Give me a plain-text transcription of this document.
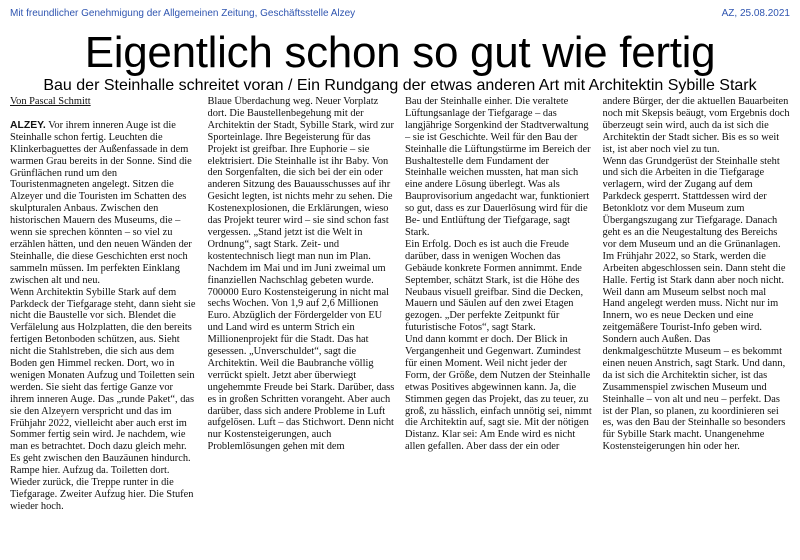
Mit freundlicher Genehmigung der Allgemeinen Zeitung, Geschäftsstelle Alzey	AZ, 25.08.2021
Eigentlich schon so gut wie fertig
Bau der Steinhalle schreitet voran / Ein Rundgang der etwas anderen Art mit Architektin Sybille Stark

Von Pascal Schmitt

ALZEY. Vor ihrem inneren Auge ist die Steinhalle schon fertig. Leuchten die Klinkerbaguettes der Außenfassade in dem warmen Grau bereits in der Sonne. Sind die Grünflächen rund um den Touristenmagneten angelegt. Sitzen die Alzeyer und die Touristen im Schatten des skulpturalen Anbaus. Zwischen den historischen Mauern des Museums, die – wenn sie sprechen könnten – so viel zu erzählen hätten, und den neuen Wänden der Steinhalle, die diese Geschichten erst noch sammeln müssen. Im perfekten Einklang zwischen alt und neu.

Wenn Architektin Sybille Stark auf dem Parkdeck der Tiefgarage steht, dann sieht sie nicht die Baustelle vor sich. Blendet die Verfälelung aus Holzplatten, die den bereits fertigen Betonboden schützen, aus. Sieht nicht die Stahlstreben, die sich aus dem Boden gen Himmel recken. Dort, wo in wenigen Monaten Aufzug und Toiletten sein werden. Sie sieht das fertige Ganze vor ihrem inneren Auge. Das „runde Paket“, das sie den Alzeyern verspricht und das im Frühjahr 2022, vielleicht aber auch erst im Sommer fertig sein wird. Je nachdem, wie man es betrachtet. Doch dazu gleich mehr.

Es geht zwischen den Bauzäunen hindurch. Rampe hier. Aufzug da. Toiletten dort. Wieder zurück, die Treppe runter in die Tiefgarage. Zweiter Aufzug hier. Die Stufen wieder hoch.

Blaue Überdachung weg. Neuer Vorplatz dort. Die Baustellenbegehung mit der Architektin der Stadt, Sybille Stark, wird zur Sporteinlage. Ihre Begeisterung für das Projekt ist greifbar. Ihre Euphorie – sie elektrisiert. Die Steinhalle ist ihr Baby. Von den Sorgenfalten, die sich bei der ein oder anderen Sitzung des Bauausschusses auf ihr Gesicht legten, ist nichts mehr zu sehen. Die Kostenexplosionen, die Erklärungen, wieso das Projekt teurer wird – sie sind schon fast vergessen. „Stand jetzt ist die Welt in Ordnung“, sagt Stark. Zeit- und kostentechnisch liegt man nun im Plan. Nachdem im Mai und im Juni zweimal um finanziellen Nachschlag gebeten wurde. 700000 Euro Kostensteigerung in nicht mal sechs Wochen. Von 1,9 auf 2,6 Millionen Euro. Abzüglich der Fördergelder von EU und Land wird es unterm Strich ein Millionenprojekt für die Stadt. Das hat gesessen. „Unverschuldet“, sagt die Architektin. Weil die Baubranche völlig verrückt spielt. Jetzt aber überwiegt ungehemmte Freude bei Stark. Darüber, dass es in großen Schritten vorangeht. Aber auch darüber, dass sich andere Probleme in Luft aufgelösen. Luft – das Stichwort. Denn nicht nur Kostensteigerungen, auch Problemlösungen gehen mit dem

Bau der Steinhalle einher. Die veraltete Lüftungsanlage der Tiefgarage – das langjährige Sorgenkind der Stadtverwaltung – sie ist Geschichte. Weil für den Bau der Steinhalle die Lüftungstürme im Bereich der Bushaltestelle dem Fundament der Steinhalle weichen mussten, hat man sich eine andere Lösung überlegt. Was als Bauprovisorium angedacht war, funktioniert so gut, dass es zur Dauerlösung wird für die Be- und Entlüftung der Tiefgarage, sagt Stark.

Ein Erfolg. Doch es ist auch die Freude darüber, dass in wenigen Wochen das Gebäude konkrete Formen annimmt. Ende September, schätzt Stark, ist die Höhe des Neubaus visuell greifbar. Sind die Decken, Mauern und Säulen auf den zwei Etagen gezogen. „Der perfekte Zeitpunkt für futuristische Fotos“, sagt Stark.

Und dann kommt er doch. Der Blick in Vergangenheit und Gegenwart. Zumindest für einen Moment. Weil nicht jeder der Form, der Größe, dem Nutzen der Steinhalle etwas Positives abgewinnen kann. Ja, die Stimmen gegen das Projekt, das zu teuer, zu groß, zu hässlich, einfach unnötig sei, nimmt die Architektin auf, sagt sie. Mit der nötigen Distanz. Klar sei: Am Ende wird es nicht allen gefallen. Aber dass der ein oder

andere Bürger, der die aktuellen Bauarbeiten noch mit Skepsis beäugt, vom Ergebnis doch überzeugt sein wird, auch da ist sich die Architektin der Stadt sicher. Bis es so weit ist, ist aber noch viel zu tun.

Wenn das Grundgerüst der Steinhalle steht und sich die Arbeiten in die Tiefgarage verlagern, wird der Zugang auf dem Parkdeck gesperrt. Stattdessen wird der Betonklotz vor dem Museum zum Übergangszugang zur Tiefgarage. Danach geht es an die Neugestaltung des Bereichs vor dem Museum und an die Grünanlagen. Im Frühjahr 2022, so Stark, werden die Arbeiten abgeschlossen sein. Dann steht die Halle. Fertig ist Stark dann aber noch nicht. Weil dann am Museum selbst noch mal Hand angelegt werden muss. Nicht nur im Innern, wo es neue Decken und eine zeitgemäßere Tourist-Info geben wird. Sondern auch Außen. Das denkmalgeschützte Museum – es bekommt einen neuen Anstrich, sagt Stark. Und dann, da ist sich die Architektin sicher, ist das Zusammenspiel zwischen Museum und Steinhalle – von alt und neu – perfekt. Das ist der Plan, so planen, zu koordinieren sei es, was den Bau der Steinhalle so besonders für Sybille Stark macht. Unangenehme Kostensteigerungen hin oder her.
